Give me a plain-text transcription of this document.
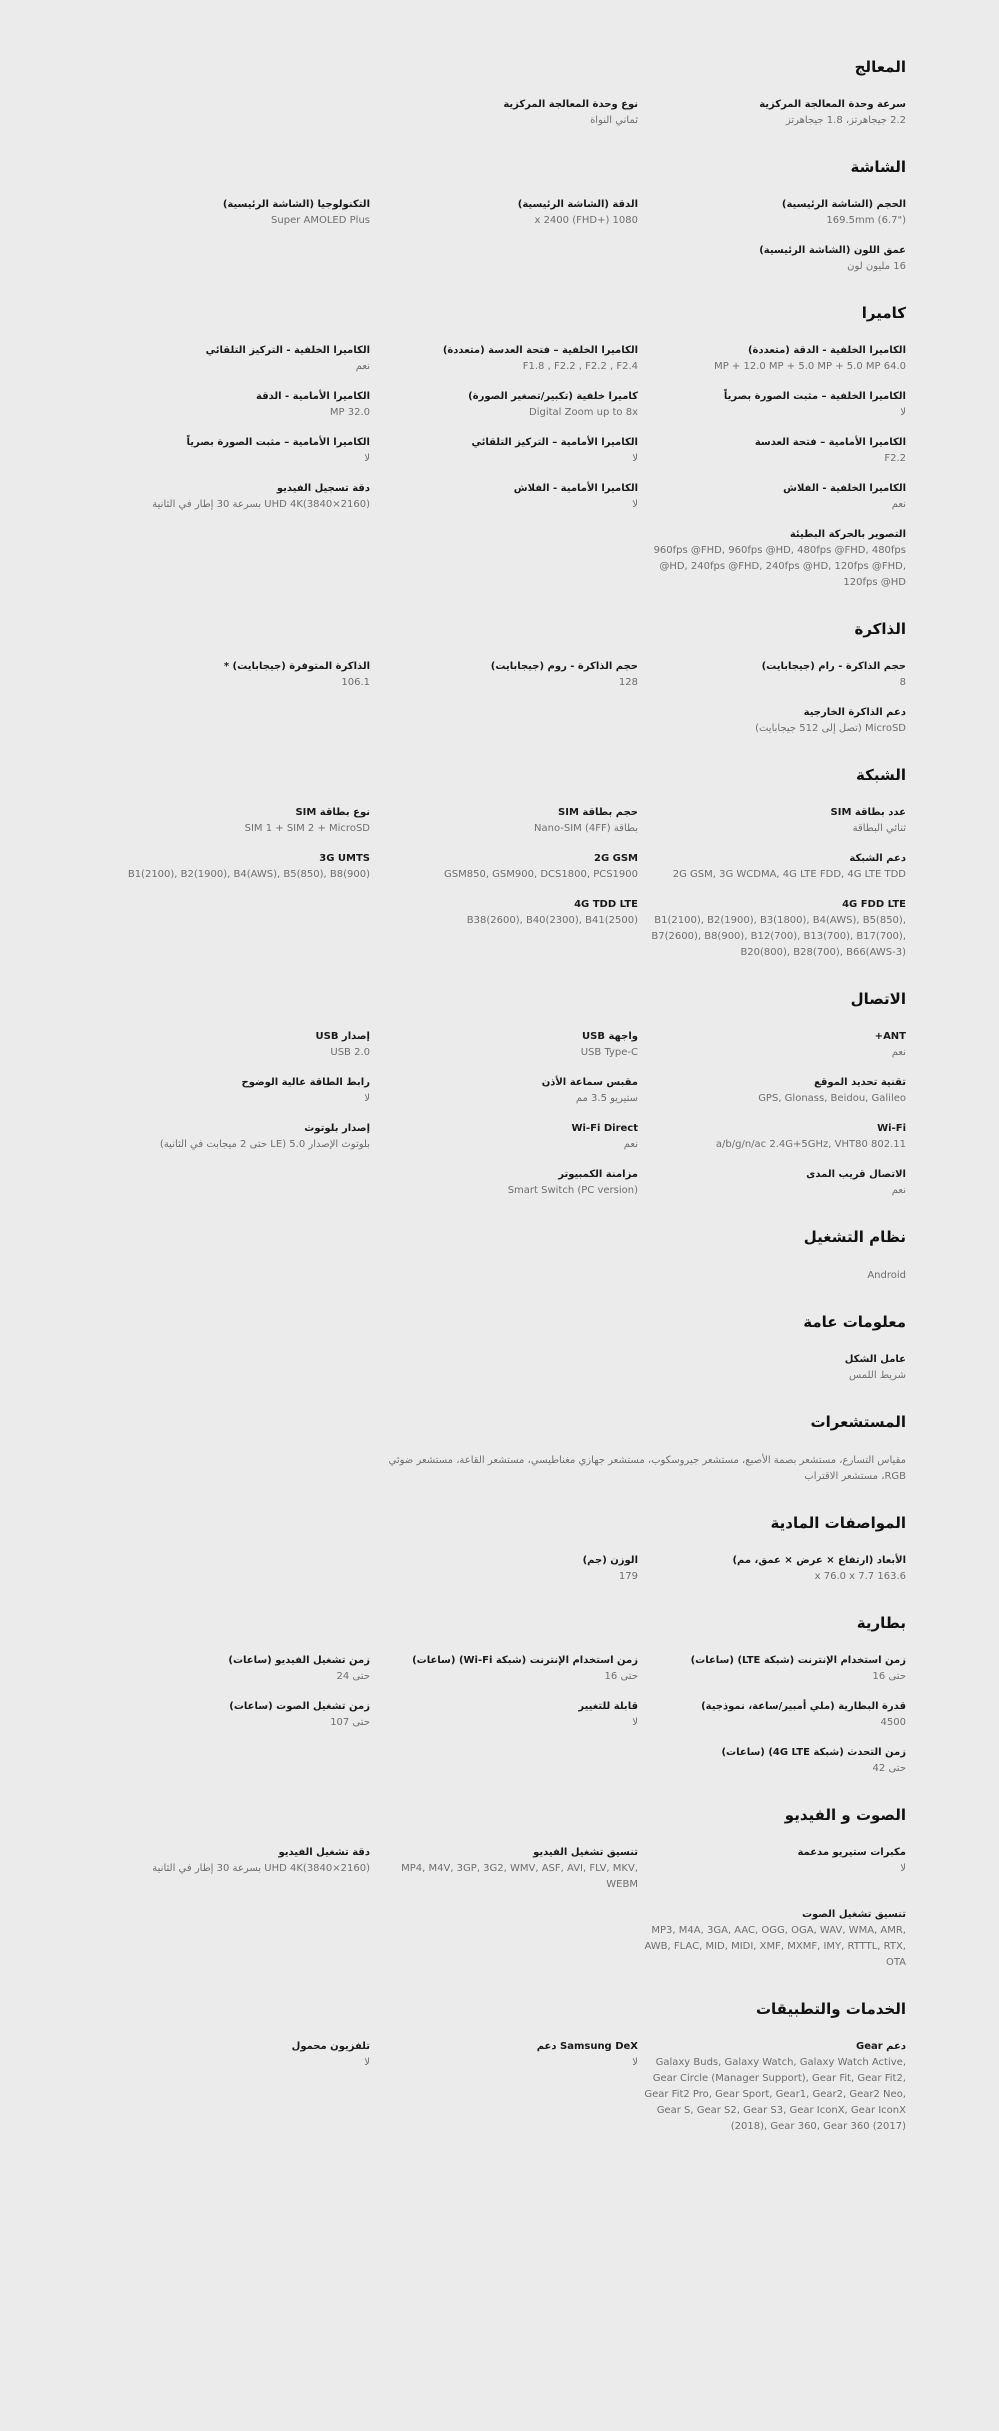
المعالج
سرعة وحدة المعالجة المركزية
2.2 جيجاهرتز، 1.8 جيجاهرتز
نوع وحدة المعالجة المركزية
ثماني النواة
الشاشة
الحجم (الشاشة الرئيسية)
169.5mm (6.7")
الدقة (الشاشة الرئيسية)
1080 x 2400 (FHD+)
التكنولوجيا (الشاشة الرئيسية)
Super AMOLED Plus
عمق اللون (الشاشة الرئيسية)
16 مليون لون
كاميرا
الكاميرا الخلفية - الدقة (متعددة)
64.0 MP + 12.0 MP + 5.0 MP + 5.0 MP
الكاميرا الخلفية – فتحة العدسة (متعددة)
F1.8 , F2.2 , F2.2 , F2.4
الكاميرا الخلفية - التركيز التلقائي
نعم
الكاميرا الخلفية – مثبت الصورة بصرياً
لا
كاميرا خلفية (تكبير/تصغير الصورة)
Digital Zoom up to 8x
الكاميرا الأمامية - الدقة
32.0 MP
الكاميرا الأمامية – فتحة العدسة
F2.2
الكاميرا الأمامية – التركيز التلقائي
لا
الكاميرا الأمامية – مثبت الصورة بصرياً
لا
الكاميرا الخلفية - الفلاش
نعم
الكاميرا الأمامية - الفلاش
لا
دقة تسجيل الفيديو
UHD 4K(3840×2160) بسرعة 30 إطار في الثانية
التصوير بالحركة البطيئة
960fps @FHD, 960fps @HD, 480fps @FHD, 480fps @HD, 240fps @FHD, 240fps @HD, 120fps @FHD, 120fps @HD
الذاكرة
حجم الذاكرة - رام (جيجابايت)
8
حجم الذاكرة - روم (جيجابايت)
128
الذاكرة المتوفرة (جيجابايت) *
106.1
دعم الذاكرة الخارجية
MicroSD (تصل إلى 512 جيجابايت)
الشبكة
عدد بطاقة SIM
ثنائي البطاقة
حجم بطاقة SIM
بطاقة Nano-SIM (4FF)
نوع بطاقة SIM
SIM 1 + SIM 2 + MicroSD
دعم الشبكة
2G GSM, 3G WCDMA, 4G LTE FDD, 4G LTE TDD
2G GSM
GSM850, GSM900, DCS1800, PCS1900
3G UMTS
B1(2100), B2(1900), B4(AWS), B5(850), B8(900)
4G FDD LTE
B1(2100), B2(1900), B3(1800), B4(AWS), B5(850), B7(2600), B8(900), B12(700), B13(700), B17(700), B20(800), B28(700), B66(AWS-3)
4G TDD LTE
B38(2600), B40(2300), B41(2500)
الاتصال
ANT+
نعم
واجهة USB
USB Type-C
إصدار USB
USB 2.0
تقنية تحديد الموقع
GPS, Glonass, Beidou, Galileo
مقبس سماعة الأذن
ستيريو 3.5 مم
رابط الطاقة عالية الوضوح
لا
Wi-Fi
802.11 a/b/g/n/ac 2.4G+5GHz, VHT80
Wi-Fi Direct
نعم
إصدار بلوتوث
بلوتوث الإصدار 5.0 (LE حتى 2 ميجابت في الثانية)
الاتصال قريب المدى
نعم
مزامنة الكمبيوتر
Smart Switch (PC version)
نظام التشغيل
Android
معلومات عامة
عامل الشكل
شريط اللمس
المستشعرات
مقياس التسارع، مستشعر بصمة الأصبع، مستشعر جيروسكوب، مستشعر جهازي مغناطيسي، مستشعر القاعة، مستشعر ضوئي RGB، مستشعر الاقتراب
المواصفات المادية
الأبعاد (ارتفاع × عرض × عمق، مم)
163.6 x 76.0 x 7.7
الوزن (جم)
179
بطارية
زمن استخدام الإنترنت (شبكة LTE) (ساعات)
حتى 16
زمن استخدام الإنترنت (شبكة Wi-Fi) (ساعات)
حتى 16
زمن تشغيل الفيديو (ساعات)
حتى 24
قدرة البطارية (ملي أمبير/ساعة، نموذجية)
4500
قابلة للتغيير
لا
زمن تشغيل الصوت (ساعات)
حتى 107
زمن التحدث (شبكة 4G LTE) (ساعات)
حتى 42
الصوت و الفيديو
مكبرات ستيريو مدعمة
لا
تنسيق تشغيل الفيديو
MP4, M4V, 3GP, 3G2, WMV, ASF, AVI, FLV, MKV, WEBM
دقة تشغيل الفيديو
UHD 4K(3840×2160) بسرعة 30 إطار في الثانية
تنسيق تشغيل الصوت
MP3, M4A, 3GA, AAC, OGG, OGA, WAV, WMA, AMR, AWB, FLAC, MID, MIDI, XMF, MXMF, IMY, RTTTL, RTX, OTA
الخدمات والتطبيقات
دعم Gear
Galaxy Buds, Galaxy Watch, Galaxy Watch Active, Gear Circle (Manager Support), Gear Fit, Gear Fit2, Gear Fit2 Pro, Gear Sport, Gear1, Gear2, Gear2 Neo, Gear S, Gear S2, Gear S3, Gear IconX, Gear IconX (2018), Gear 360, Gear 360 (2017)
Samsung DeX دعم
لا
تلفزيون محمول
لا
